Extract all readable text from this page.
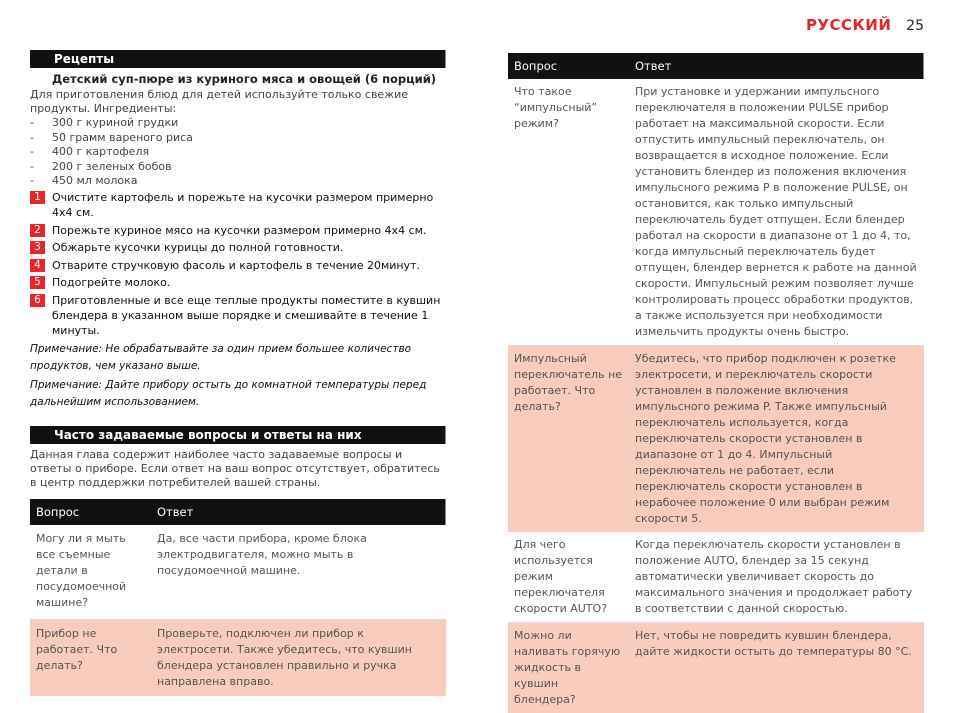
РУССКИЙ 25
Рецепты
Детский суп-пюре из куриного мяса и овощей (6 порций)
Для приготовления блюд для детей используйте только свежие продукты. Ингредиенты:
-	300 г куриной грудки
-	50 грамм вареного риса
-	400 г картофеля
-	200 г зеленых бобов
-	450 мл молока
1	Очистите картофель и порежьте на кусочки размером примерно 4x4 см.
2	Порежьте куриное мясо на кусочки размером примерно 4x4 см.
3	Обжарьте кусочки курицы до полной готовности.
4	Отварите стручковую фасоль и картофель в течение 20минут.
5	Подогрейте молоко.
6	Приготовленные и все еще теплые продукты поместите в кувшин блендера в указанном выше порядке и смешивайте в течение 1 минуты.

Примечание: Не обрабатывайте за один прием большее количество продуктов, чем указано выше.

Примечание: Дайте прибору остыть до комнатной температуры перед дальнейшим использованием.

Часто задаваемые вопросы и ответы на них
Данная глава содержит наиболее часто задаваемые вопросы и ответы о приборе. Если ответ на ваш вопрос отсутствует, обратитесь в центр поддержки потребителей вашей страны.
Вопрос	Ответ
Могу ли я мыть все съемные детали в посудомоечной машине?	Да, все части прибора, кроме блока электродвигателя, можно мыть в посудомоечной машине.
Прибор не работает. Что делать?	Проверьте, подключен ли прибор к электросети. Также убедитесь, что кувшин блендера установлен правильно и ручка направлена вправо.
Вопрос	Ответ
Что такое “импульсный” режим?	При установке и удержании импульсного переключателя в положении PULSE прибор работает на максимальной скорости. Если отпустить импульсный переключатель, он возвращается в исходное положение. Если установить блендер из положения включения импульсного режима P в положение PULSE, он остановится, как только импульсный переключатель будет отпущен. Если блендер работал на скорости в диапазоне от 1 до 4, то, когда импульсный переключатель будет отпущен, блендер вернется к работе на данной скорости. Импульсный режим позволяет лучше контролировать процесс обработки продуктов, а также используется при необходимости измельчить продукты очень быстро.
Импульсный переключатель не работает. Что делать?	Убедитесь, что прибор подключен к розетке электросети, и переключатель скорости установлен в положение включения импульсного режима P. Также импульсный переключатель используется, когда переключатель скорости установлен в диапазоне от 1 до 4. Импульсный переключатель не работает, если переключатель скорости установлен в нерабочее положение 0 или выбран режим скорости 5.
Для чего используется режим переключателя скорости AUTO?	Когда переключатель скорости установлен в положение AUTO, блендер за 15 секунд автоматически увеличивает скорость до максимального значения и продолжает работу в соответствии с данной скоростью.
Можно ли наливать горячую жидкость в кувшин блендера?	Нет, чтобы не повредить кувшин блендера, дайте жидкости остыть до температуры 80 °C.
